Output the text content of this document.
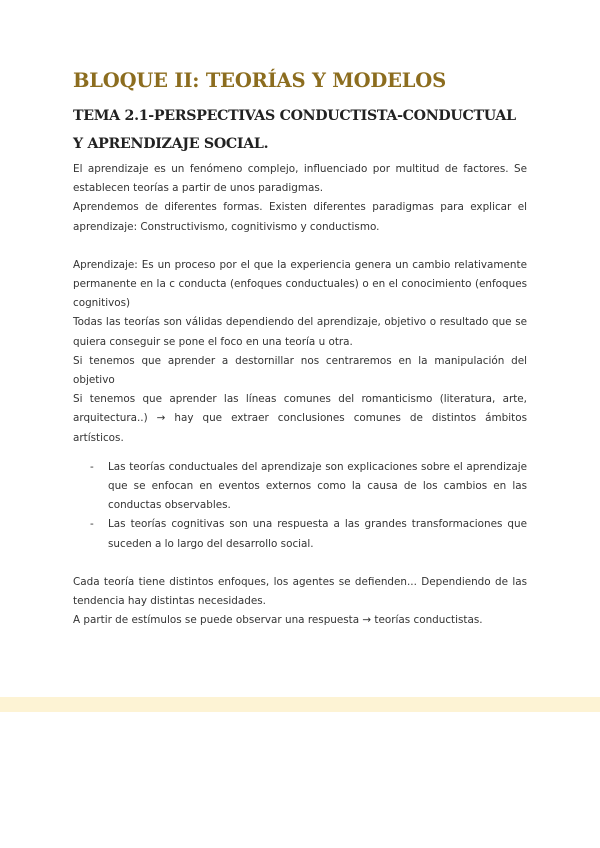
BLOQUE II: TEORÍAS Y MODELOS
TEMA 2.1-PERSPECTIVAS CONDUCTISTA-CONDUCTUAL Y APRENDIZAJE SOCIAL.

El aprendizaje es un fenómeno complejo, influenciado por multitud de factores. Se establecen teorías a partir de unos paradigmas.

Aprendemos de diferentes formas. Existen diferentes paradigmas para explicar el aprendizaje: Constructivismo, cognitivismo y conductismo.

Aprendizaje: Es un proceso por el que la experiencia genera un cambio relativamente permanente en la c conducta (enfoques conductuales) o en el conocimiento (enfoques cognitivos)

Todas las teorías son válidas dependiendo del aprendizaje, objetivo o resultado que se quiera conseguir se pone el foco en una teoría u otra.

Si tenemos que aprender a destornillar nos centraremos en la manipulación del objetivo

Si tenemos que aprender las líneas comunes del romanticismo (literatura, arte, arquitectura..) → hay que extraer conclusiones comunes de distintos ámbitos artísticos.

- Las teorías conductuales del aprendizaje son explicaciones sobre el aprendizaje que se enfocan en eventos externos como la causa de los cambios en las conductas observables.
- Las teorías cognitivas son una respuesta a las grandes transformaciones que suceden a lo largo del desarrollo social.

Cada teoría tiene distintos enfoques, los agentes se defienden... Dependiendo de las tendencia hay distintas necesidades.

A partir de estímulos se puede observar una respuesta → teorías conductistas.
